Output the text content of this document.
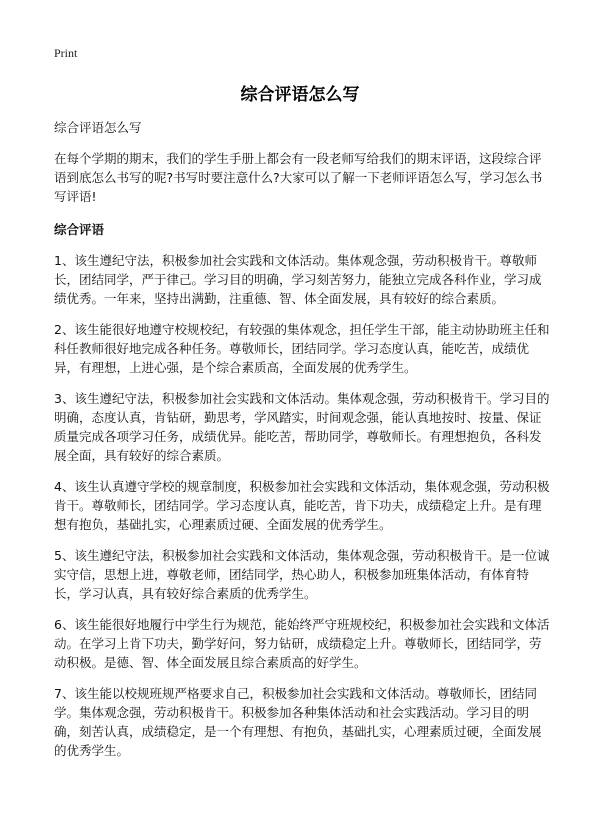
Print
综合评语怎么写

综合评语怎么写

在每个学期的期末，我们的学生手册上都会有一段老师写给我们的期末评语，这段综合评语到底怎么书写的呢?书写时要注意什么?大家可以了解一下老师评语怎么写，学习怎么书写评语!

综合评语

1、该生遵纪守法，积极参加社会实践和文体活动。集体观念强，劳动积极肯干。尊敬师长，团结同学，严于律己。学习目的明确，学习刻苦努力，能独立完成各科作业，学习成绩优秀。一年来，坚持出满勤，注重德、智、体全面发展，具有较好的综合素质。

2、该生能很好地遵守校规校纪，有较强的集体观念，担任学生干部，能主动协助班主任和科任教师很好地完成各种任务。尊敬师长，团结同学。学习态度认真，能吃苦，成绩优异，有理想，上进心强，是个综合素质高，全面发展的优秀学生。

3、该生遵纪守法，积极参加社会实践和文体活动。集体观念强，劳动积极肯干。学习目的明确，态度认真，肯钻研，勤思考，学风踏实，时间观念强，能认真地按时、按量、保证质量完成各项学习任务，成绩优异。能吃苦，帮助同学，尊敬师长。有理想抱负，各科发展全面，具有较好的综合素质。

4、该生认真遵守学校的规章制度，积极参加社会实践和文体活动，集体观念强，劳动积极肯干。尊敬师长，团结同学。学习态度认真，能吃苦，肯下功夫，成绩稳定上升。是有理想有抱负，基础扎实，心理素质过硬、全面发展的优秀学生。

5、该生遵纪守法，积极参加社会实践和文体活动，集体观念强，劳动积极肯干。是一位诚实守信，思想上进，尊敬老师，团结同学，热心助人，积极参加班集体活动，有体育特长，学习认真，具有较好综合素质的优秀学生。

6、该生能很好地履行中学生行为规范，能始终严守班规校纪，积极参加社会实践和文体活动。在学习上肯下功夫，勤学好问，努力钻研，成绩稳定上升。尊敬师长，团结同学，劳动积极。是德、智、体全面发展且综合素质高的好学生。

7、该生能以校规班规严格要求自己，积极参加社会实践和文体活动。尊敬师长，团结同学。集体观念强，劳动积极肯干。积极参加各种集体活动和社会实践活动。学习目的明确，刻苦认真，成绩稳定，是一个有理想、有抱负，基础扎实，心理素质过硬，全面发展的优秀学生。
